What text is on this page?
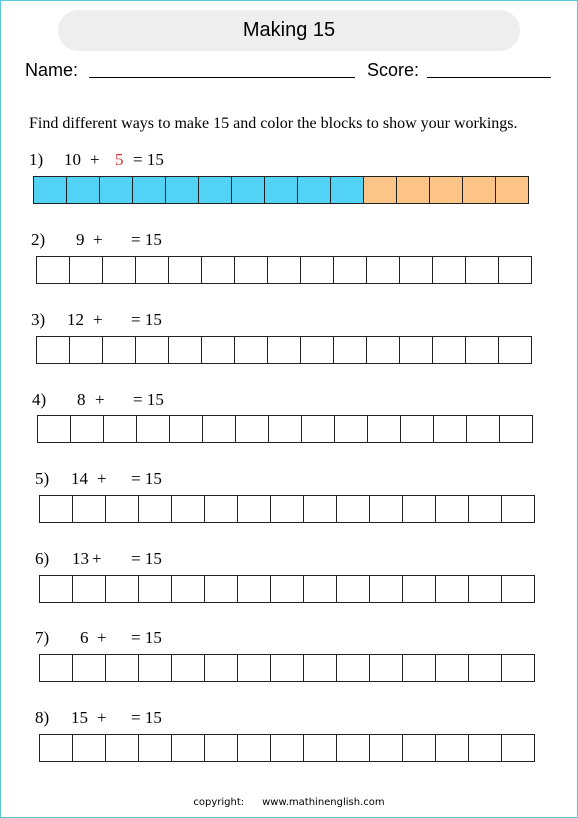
Making 15
Name:	Score:
Find different ways to make 15 and color the blocks to show your workings.
1) 10 + 5 = 15
2) 9 + = 15
3) 12 + = 15
4) 8 + = 15
5) 14 + = 15
6) 13 + = 15
7) 6 + = 15
8) 15 + = 15
copyright: www.mathinenglish.com
